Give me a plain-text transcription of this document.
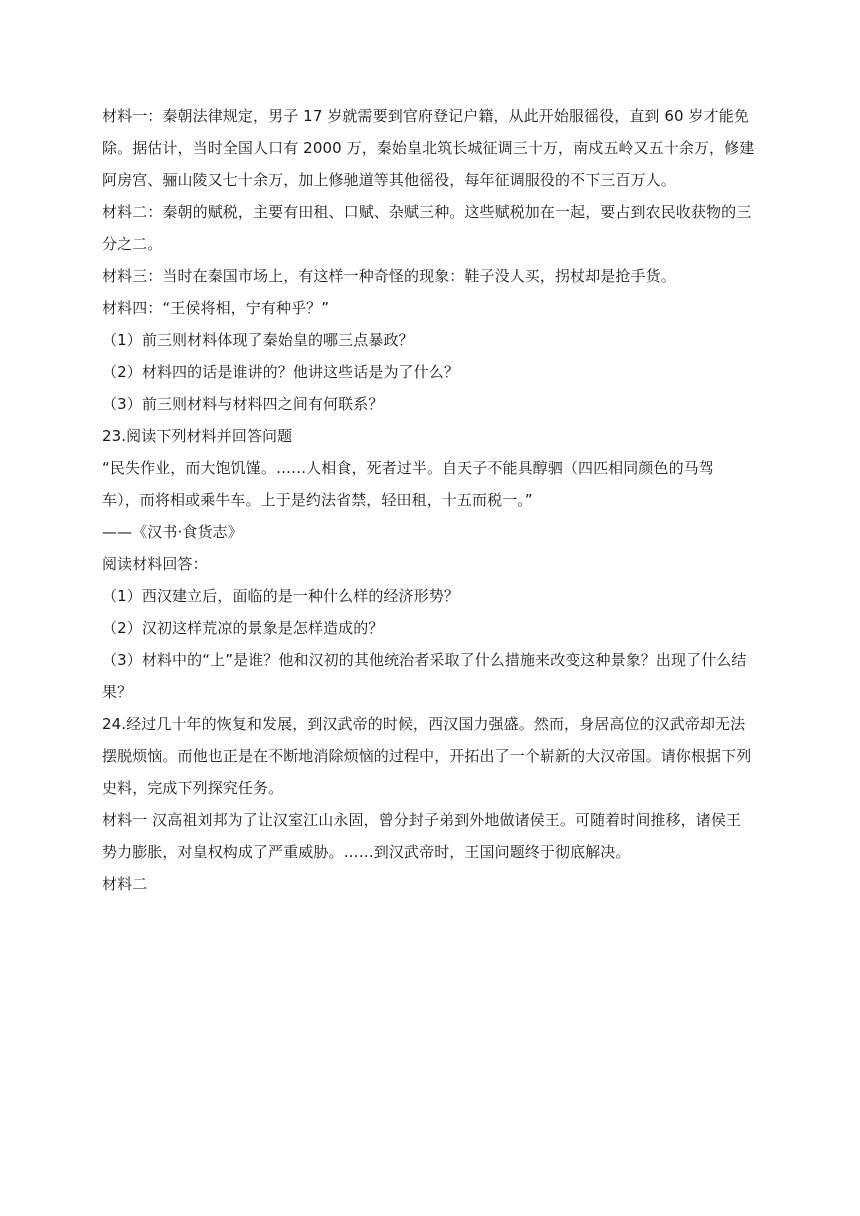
材料一：秦朝法律规定，男子 17 岁就需要到官府登记户籍，从此开始服徭役，直到 60 岁才能免
除。据估计，当时全国人口有 2000 万，秦始皇北筑长城征调三十万，南戍五岭又五十余万，修建
阿房宫、骊山陵又七十余万，加上修驰道等其他徭役，每年征调服役的不下三百万人。
材料二：秦朝的赋税，主要有田租、口赋、杂赋三种。这些赋税加在一起，要占到农民收获物的三
分之二。
材料三：当时在秦国市场上，有这样一种奇怪的现象：鞋子没人买，拐杖却是抢手货。
材料四：“王侯将相，宁有种乎？”
（1）前三则材料体现了秦始皇的哪三点暴政？
（2）材料四的话是谁讲的？他讲这些话是为了什么？
（3）前三则材料与材料四之间有何联系？
23.阅读下列材料并回答问题
“民失作业，而大饱饥馑。……人相食，死者过半。自天子不能具醇驷（四匹相同颜色的马驾
车），而将相或乘牛车。上于是约法省禁，轻田租，十五而税一。”
——《汉书·食货志》
阅读材料回答：
（1）西汉建立后，面临的是一种什么样的经济形势？
（2）汉初这样荒凉的景象是怎样造成的？
（3）材料中的“上”是谁？他和汉初的其他统治者采取了什么措施来改变这种景象？出现了什么结
果？
24.经过几十年的恢复和发展，到汉武帝的时候，西汉国力强盛。然而，身居高位的汉武帝却无法
摆脱烦恼。而他也正是在不断地消除烦恼的过程中，开拓出了一个崭新的大汉帝国。请你根据下列
史料，完成下列探究任务。
材料一 汉高祖刘邦为了让汉室江山永固，曾分封子弟到外地做诸侯王。可随着时间推移，诸侯王
势力膨胀，对皇权构成了严重威胁。……到汉武帝时，王国问题终于彻底解决。
材料二
